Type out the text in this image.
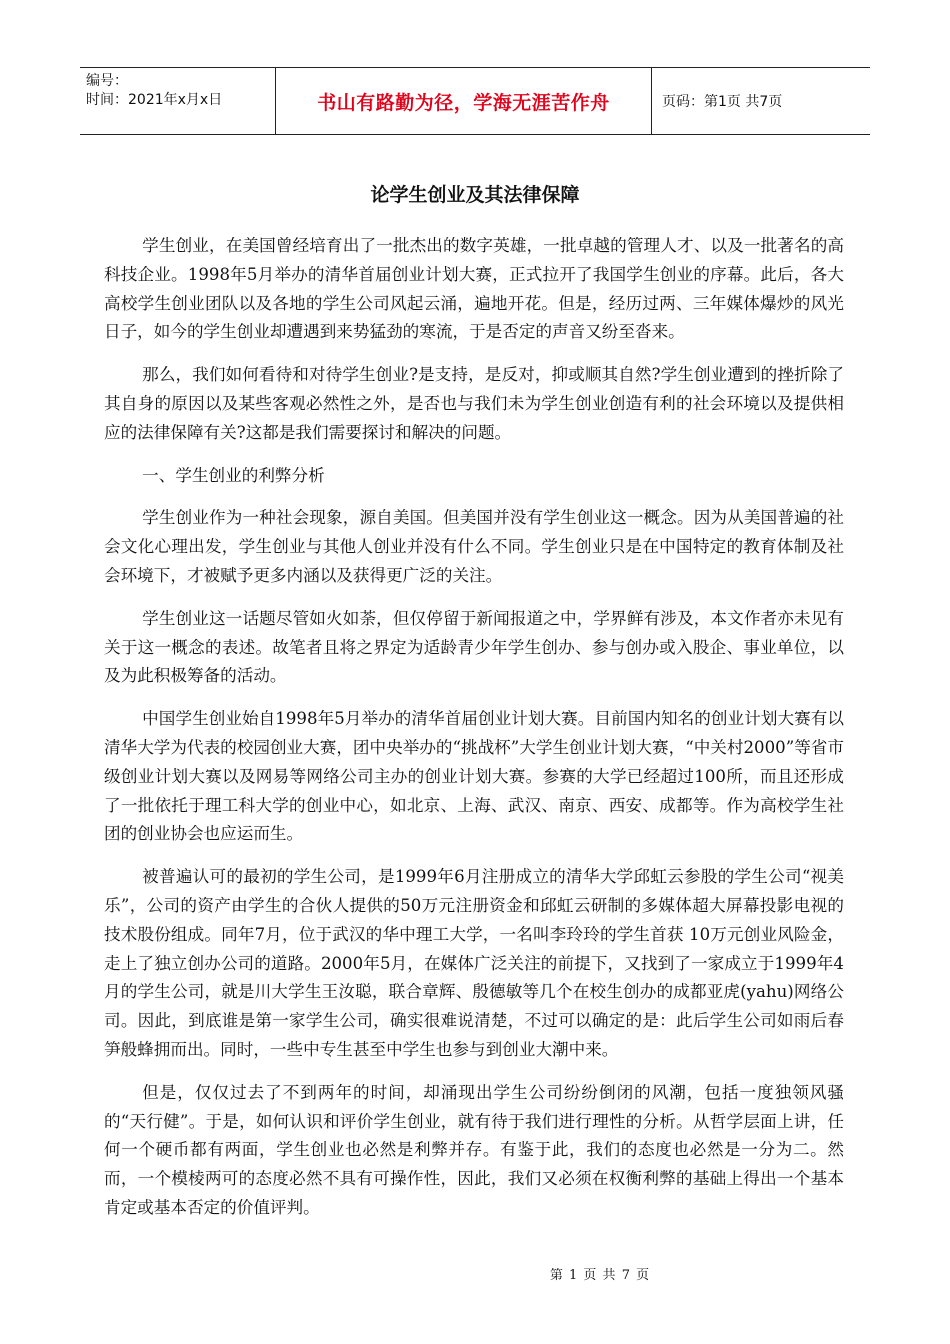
编号：
时间：2021年x月x日	书山有路勤为径，学海无涯苦作舟	页码：第1页 共7页
论学生创业及其法律保障

学生创业，在美国曾经培育出了一批杰出的数字英雄，一批卓越的管理人才、以及一批著名的高科技企业。1998年5月举办的清华首届创业计划大赛，正式拉开了我国学生创业的序幕。此后，各大高校学生创业团队以及各地的学生公司风起云涌，遍地开花。但是，经历过两、三年媒体爆炒的风光日子，如今的学生创业却遭遇到来势猛劲的寒流，于是否定的声音又纷至沓来。

那么，我们如何看待和对待学生创业?是支持，是反对，抑或顺其自然?学生创业遭到的挫折除了其自身的原因以及某些客观必然性之外，是否也与我们未为学生创业创造有利的社会环境以及提供相应的法律保障有关?这都是我们需要探讨和解决的问题。

一、学生创业的利弊分析

学生创业作为一种社会现象，源自美国。但美国并没有学生创业这一概念。因为从美国普遍的社会文化心理出发，学生创业与其他人创业并没有什么不同。学生创业只是在中国特定的教育体制及社会环境下，才被赋予更多内涵以及获得更广泛的关注。

学生创业这一话题尽管如火如荼，但仅停留于新闻报道之中，学界鲜有涉及，本文作者亦未见有关于这一概念的表述。故笔者且将之界定为适龄青少年学生创办、参与创办或入股企、事业单位，以及为此积极筹备的活动。

中国学生创业始自1998年5月举办的清华首届创业计划大赛。目前国内知名的创业计划大赛有以清华大学为代表的校园创业大赛，团中央举办的“挑战杯”大学生创业计划大赛，“中关村2000”等省市级创业计划大赛以及网易等网络公司主办的创业计划大赛。参赛的大学已经超过100所，而且还形成了一批依托于理工科大学的创业中心，如北京、上海、武汉、南京、西安、成都等。作为高校学生社团的创业协会也应运而生。

被普遍认可的最初的学生公司，是1999年6月注册成立的清华大学邱虹云参股的学生公司“视美乐”，公司的资产由学生的合伙人提供的50万元注册资金和邱虹云研制的多媒体超大屏幕投影电视的技术股份组成。同年7月，位于武汉的华中理工大学，一名叫李玲玲的学生首获 10万元创业风险金，走上了独立创办公司的道路。2000年5月，在媒体广泛关注的前提下，又找到了一家成立于1999年4月的学生公司，就是川大学生王汝聪，联合章辉、殷德敏等几个在校生创办的成都亚虎(yahu)网络公司。因此，到底谁是第一家学生公司，确实很难说清楚，不过可以确定的是：此后学生公司如雨后春笋般蜂拥而出。同时，一些中专生甚至中学生也参与到创业大潮中来。

但是，仅仅过去了不到两年的时间，却涌现出学生公司纷纷倒闭的风潮，包括一度独领风骚的“天行健”。于是，如何认识和评价学生创业，就有待于我们进行理性的分析。从哲学层面上讲，任何一个硬币都有两面，学生创业也必然是利弊并存。有鉴于此，我们的态度也必然是一分为二。然而，一个模棱两可的态度必然不具有可操作性，因此，我们又必须在权衡利弊的基础上得出一个基本肯定或基本否定的价值评判。

第 1 页 共 7 页
